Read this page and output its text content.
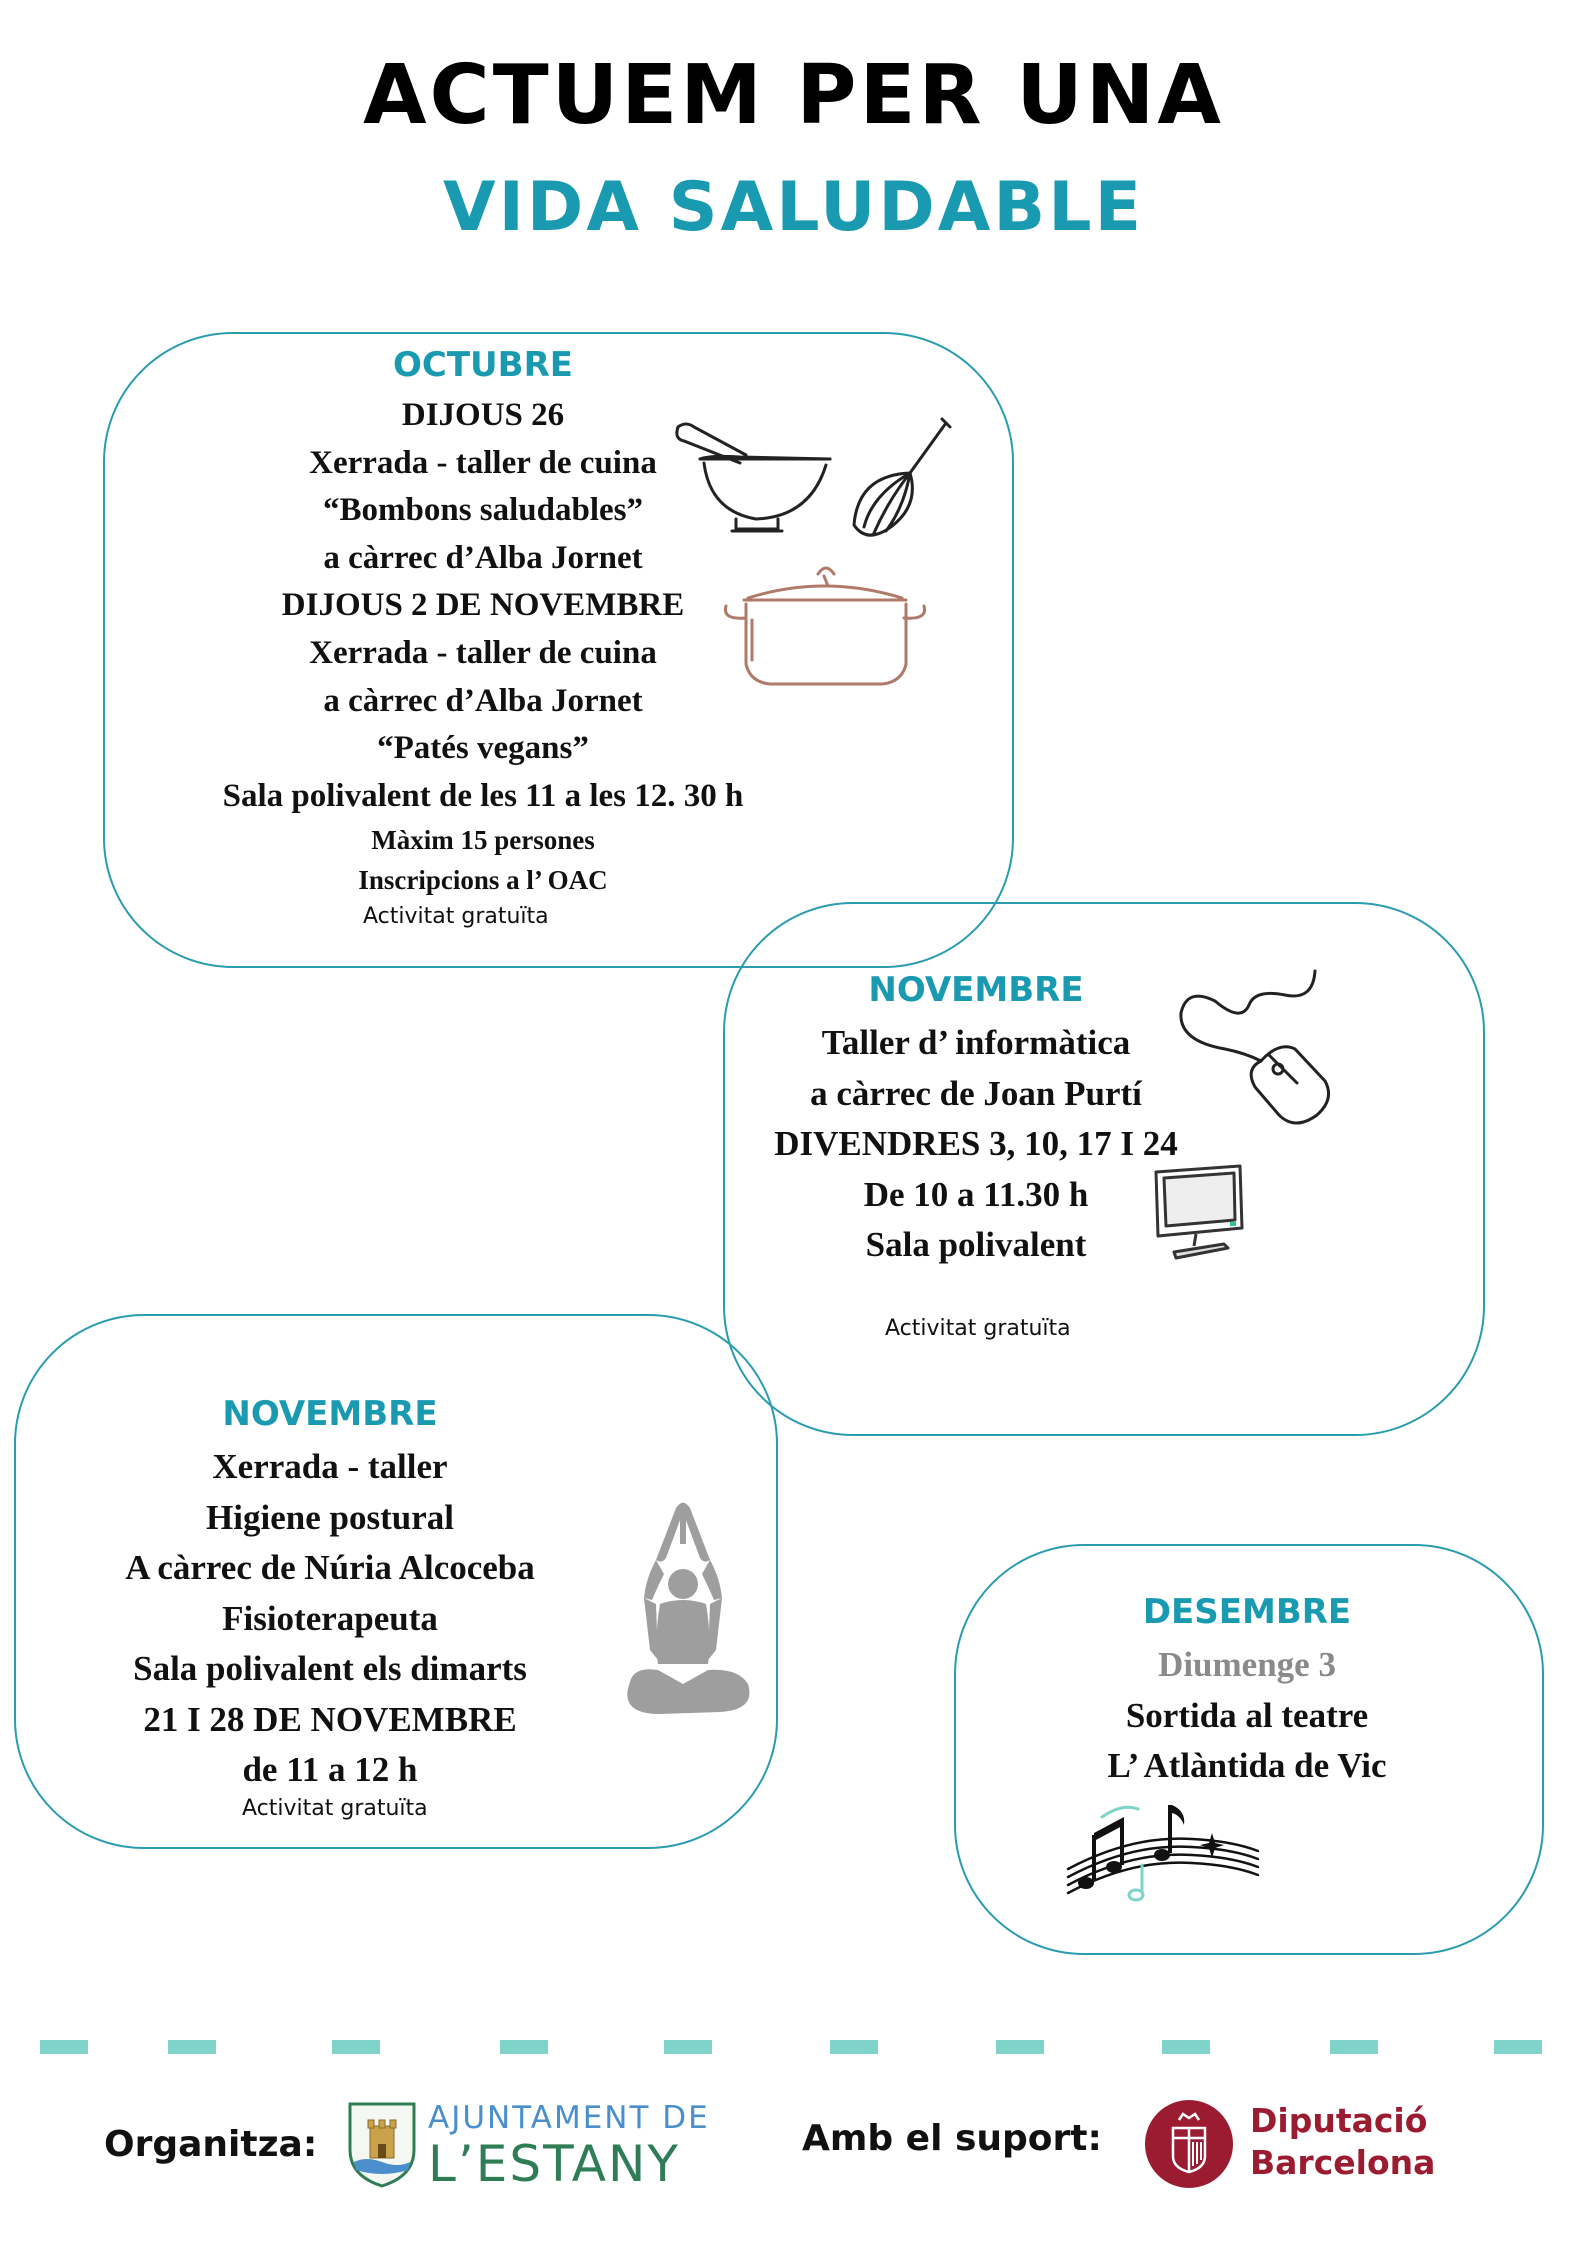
ACTUEM PER UNA
VIDA SALUDABLE
OCTUBRE
DIJOUS 26
Xerrada - taller de cuina
“Bombons saludables”
a càrrec d’Alba Jornet
DIJOUS 2 DE NOVEMBRE
Xerrada - taller de cuina
a càrrec d’Alba Jornet
“Patés vegans”
Sala polivalent de les 11 a les 12. 30 h
Màxim 15 persones
Inscripcions a l’ OAC
Activitat gratuïta
NOVEMBRE
Taller d’ informàtica
a càrrec de Joan Purtí
DIVENDRES 3, 10, 17 I 24
De 10 a 11.30 h
Sala polivalent
Activitat gratuïta
NOVEMBRE
Xerrada - taller
Higiene postural
A càrrec de Núria Alcoceba
Fisioterapeuta
Sala polivalent els dimarts
21 I 28 DE NOVEMBRE
de 11 a 12 h
Activitat gratuïta
DESEMBRE
Diumenge 3
Sortida al teatre
L’ Atlàntida de Vic
Organitza:
AJUNTAMENT DE
L’ESTANY	Amb el suport:	Diputació
Barcelona
